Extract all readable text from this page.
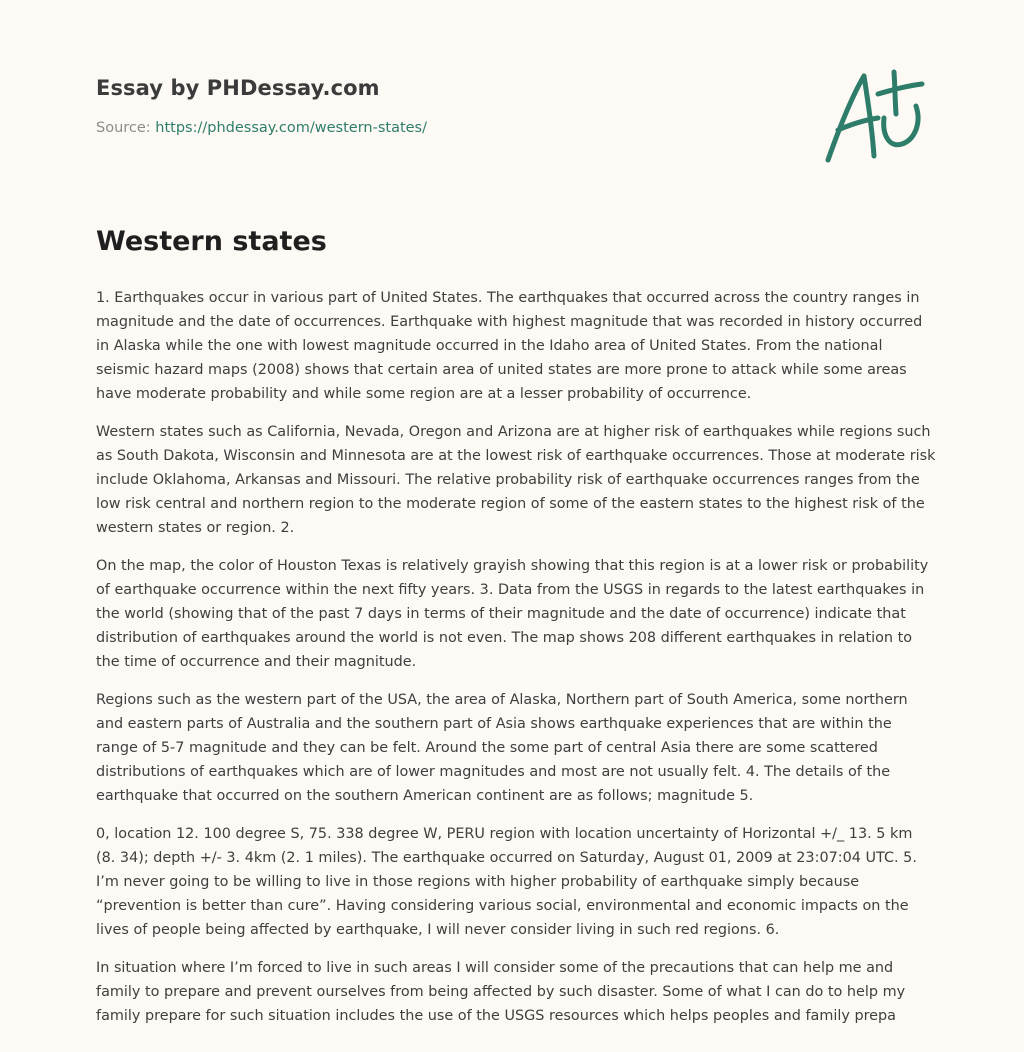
Essay by PHDessay.com
Source: https://phdessay.com/western-states/
Western states

1. Earthquakes occur in various part of United States. The earthquakes that occurred across the country ranges in magnitude and the date of occurrences. Earthquake with highest magnitude that was recorded in history occurred in Alaska while the one with lowest magnitude occurred in the Idaho area of United States. From the national seismic hazard maps (2008) shows that certain area of united states are more prone to attack while some areas have moderate probability and while some region are at a lesser probability of occurrence.

Western states such as California, Nevada, Oregon and Arizona are at higher risk of earthquakes while regions such as South Dakota, Wisconsin and Minnesota are at the lowest risk of earthquake occurrences. Those at moderate risk include Oklahoma, Arkansas and Missouri. The relative probability risk of earthquake occurrences ranges from the low risk central and northern region to the moderate region of some of the eastern states to the highest risk of the western states or region. 2.

On the map, the color of Houston Texas is relatively grayish showing that this region is at a lower risk or probability of earthquake occurrence within the next fifty years. 3. Data from the USGS in regards to the latest earthquakes in the world (showing that of the past 7 days in terms of their magnitude and the date of occurrence) indicate that distribution of earthquakes around the world is not even. The map shows 208 different earthquakes in relation to the time of occurrence and their magnitude.

Regions such as the western part of the USA, the area of Alaska, Northern part of South America, some northern and eastern parts of Australia and the southern part of Asia shows earthquake experiences that are within the range of 5-7 magnitude and they can be felt. Around the some part of central Asia there are some scattered distributions of earthquakes which are of lower magnitudes and most are not usually felt. 4. The details of the earthquake that occurred on the southern American continent are as follows; magnitude 5.

0, location 12. 100 degree S, 75. 338 degree W, PERU region with location uncertainty of Horizontal +/_ 13. 5 km (8. 34); depth +/- 3. 4km (2. 1 miles). The earthquake occurred on Saturday, August 01, 2009 at 23:07:04 UTC. 5. I’m never going to be willing to live in those regions with higher probability of earthquake simply because “prevention is better than cure”. Having considering various social, environmental and economic impacts on the lives of people being affected by earthquake, I will never consider living in such red regions. 6.

In situation where I’m forced to live in such areas I will consider some of the precautions that can help me and family to prepare and prevent ourselves from being affected by such disaster. Some of what I can do to help my family prepare for such situation includes the use of the USGS resources which helps peoples and family prepa
